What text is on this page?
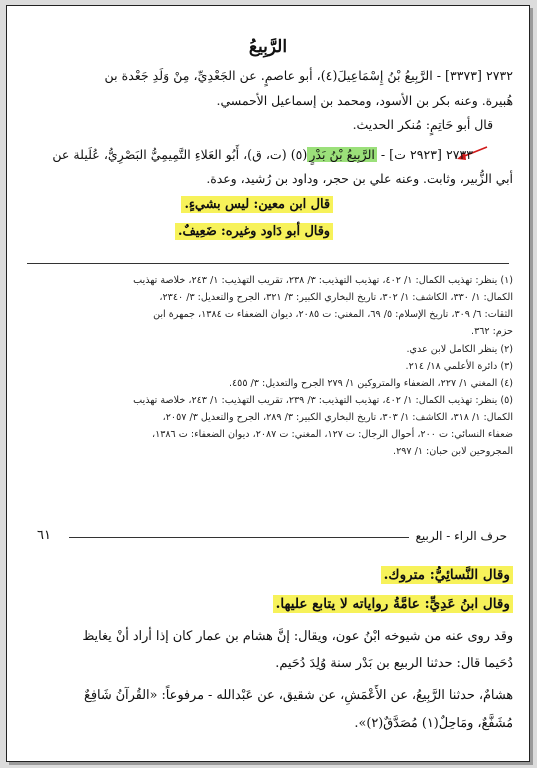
الرَّبِيعُ
٢٧٣٢ [٣٣٧٣] - الرَّبِيعُ بْنُ إِسْمَاعِيلَ(٤)، أبو عاصمٍ. عن الجَعْدِيِّ، مِنْ وَلَدِ جَعْدة بن
هُبيرة. وعنه بكر بن الأسود، ومحمد بن إسماعيل الأحمسي.
قال أبو حَاتِمٍ: مُنكر الحديث.
٢٧٣٣ [٢٩٢٣ ت] - الرَّبِيعُ بْنُ بَدْرٍ(٥) (ت، ق)، أَبُو العَلاءِ التَّمِيمِيُّ البَصْرِيُّ، عُلَيلة عن
أبي الزُّبير، وثابت. وعنه علي بن حجر، وداود بن رُشيد، وعدة.
قال ابن معين: ليس بشيءٍ.
وقال أبو دَاود وغيره: ضَعِيفٌ.
(١) ينظر: تهذيب الكمال: ١/ ٤٠٢، تهذيب التهذيب: ٣/ ٢٣٨، تقريب التهذيب: ١/ ٢٤٣، خلاصة تهذيب
الكمال: ١/ ٣٣٠، الكاشف: ١/ ٣٠٢، تاريخ البخاري الكبير: ٣/ ٣٢١، الجرح والتعديل: ٣/ ٢٣٤٠،
الثقات: ٦/ ٣٠٩، تاريخ الإسلام: ٥/ ٦٩، المغني: ت ٢٠٨٥، ديوان الضعفاء ت ١٣٨٤، جمهرة ابن
حزم: ٣٦٢.
(٢) ينظر الكامل لابن عدي.
(٣) دائرة الأعلمي ١٨/ ٢١٤.
(٤) المغني ١/ ٢٢٧، الضعفاء والمتروكين ١/ ٢٧٩ الجرح والتعديل: ٣/ ٤٥٥.
(٥) ينظر: تهذيب الكمال: ١/ ٤٠٢، تهذيب التهذيب: ٣/ ٢٣٩، تقريب التهذيب: ١/ ٢٤٣، خلاصة تهذيب
الكمال: ١/ ٣١٨، الكاشف: ١/ ٣٠٣، تاريخ البخاري الكبير: ٣/ ٢٨٩، الجرح والتعديل ٣/ ٢٠٥٧،
ضعفاء النسائي: ت ٢٠٠، أحوال الرجال: ت ١٢٧، المغني: ت ٢٠٨٧، ديوان الضعفاء: ت ١٣٨٦،
المجروحين لابن حبان: ١/ ٢٩٧.
حرف الراء - الربيع
٦١
وقال النَّسائِيُّ: متروك.
وقال ابنُ عَدِيٍّ: عامَّةُ رواياته لا يتابع عليها.
وقد روى عنه من شيوخه ابْنُ عون، ويقال: إنَّ هشام بن عمار كان إذا أراد أنْ يغايظ
دُحَيما قال: حدثنا الربيع بن بَدْر سنة وُلِدَ دُحَيم.
هشامٌ، حدثنا الرَّبِيعُ، عن الأَعْمَشِ، عن شقيق، عن عَبْدالله - مرفوعاً: «القُرآنُ شَافِعٌ
مُشَفَّعٌ، ومَاحِلٌ(١) مُصَدَّقٌ(٢)».
